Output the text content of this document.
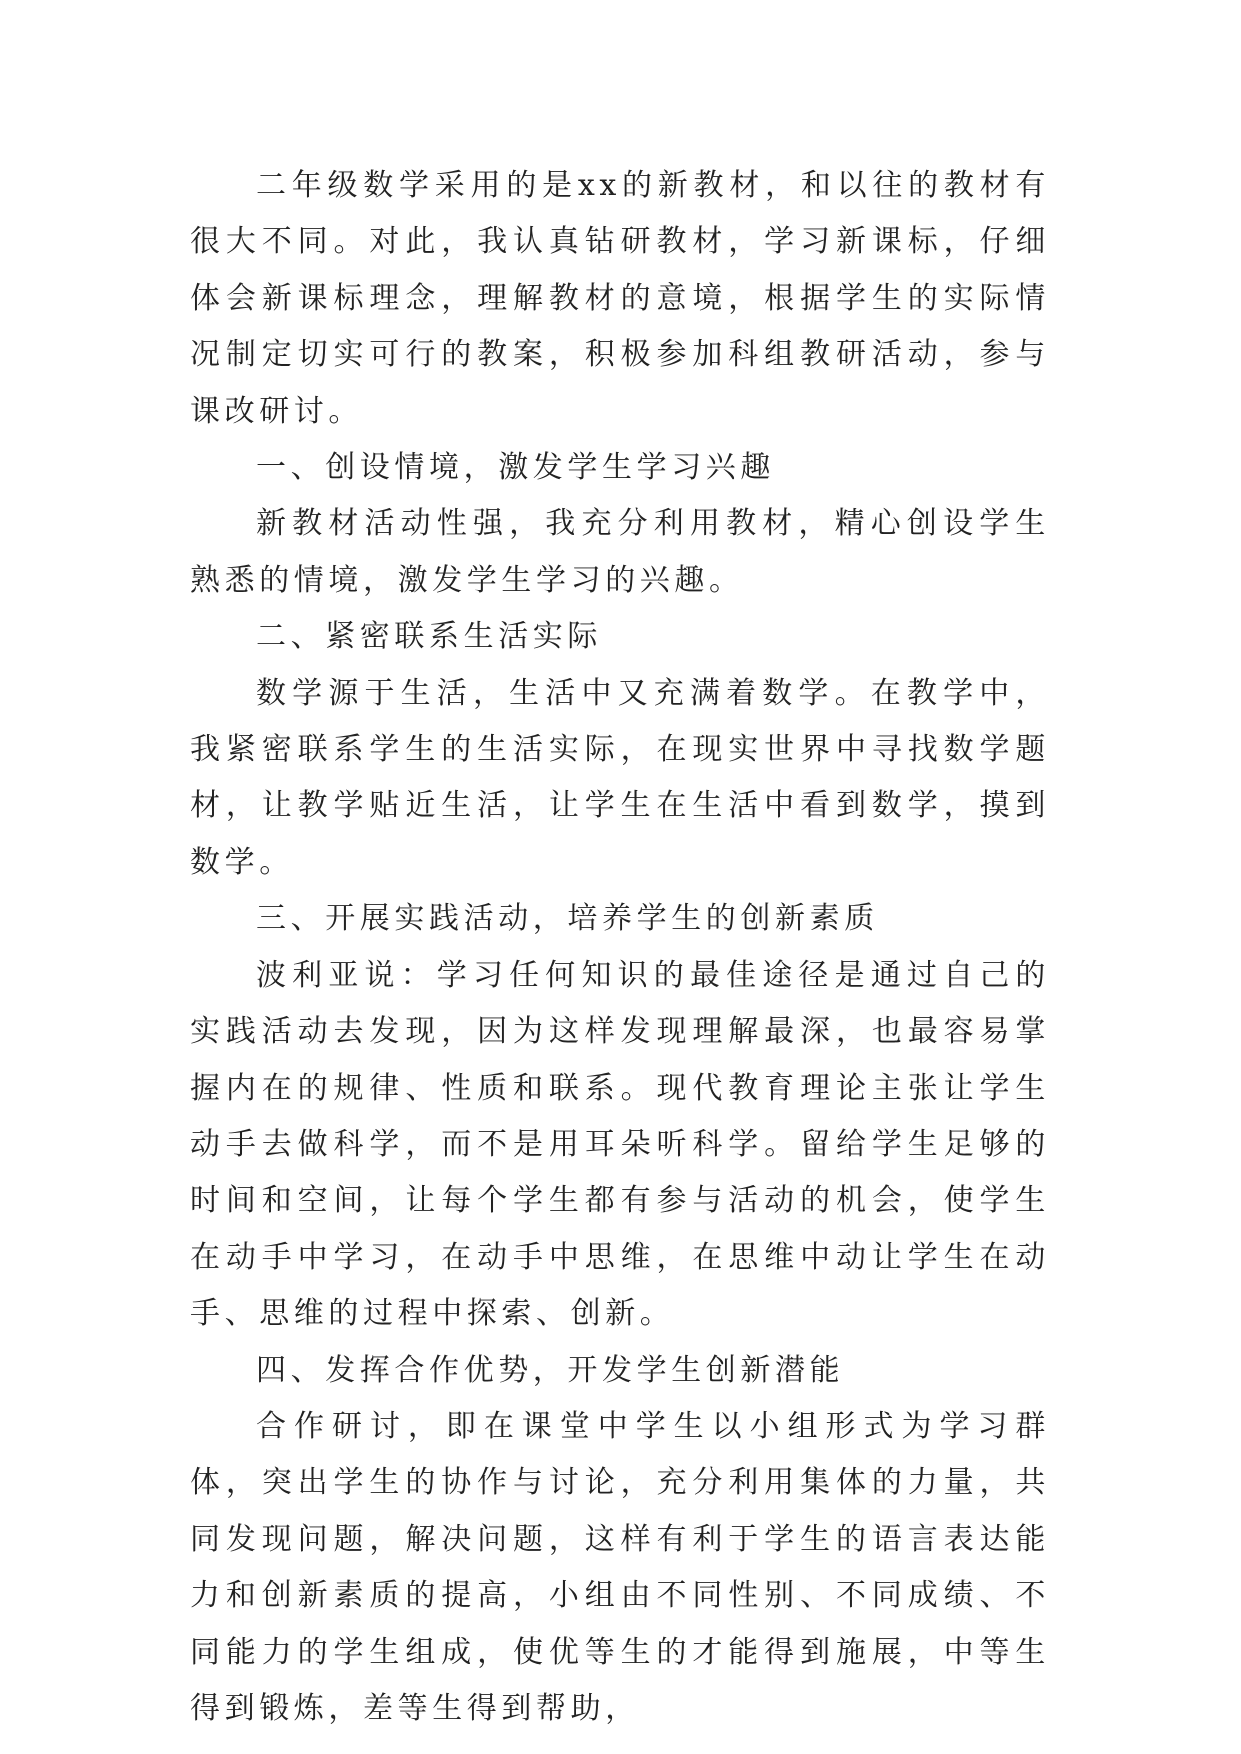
二年级数学采用的是xx的新教材，和以往的教材有很大不同。对此，我认真钻研教材，学习新课标，仔细体会新课标理念，理解教材的意境，根据学生的实际情况制定切实可行的教案，积极参加科组教研活动，参与课改研讨。

一、创设情境，激发学生学习兴趣

新教材活动性强，我充分利用教材，精心创设学生熟悉的情境，激发学生学习的兴趣。

二、紧密联系生活实际

数学源于生活，生活中又充满着数学。在教学中，我紧密联系学生的生活实际，在现实世界中寻找数学题材，让教学贴近生活，让学生在生活中看到数学，摸到数学。

三、开展实践活动，培养学生的创新素质

波利亚说：学习任何知识的最佳途径是通过自己的实践活动去发现，因为这样发现理解最深，也最容易掌握内在的规律、性质和联系。现代教育理论主张让学生动手去做科学，而不是用耳朵听科学。留给学生足够的时间和空间，让每个学生都有参与活动的机会，使学生在动手中学习，在动手中思维，在思维中动让学生在动手、思维的过程中探索、创新。

四、发挥合作优势，开发学生创新潜能

合作研讨，即在课堂中学生以小组形式为学习群体，突出学生的协作与讨论，充分利用集体的力量，共同发现问题，解决问题，这样有利于学生的语言表达能力和创新素质的提高，小组由不同性别、不同成绩、不同能力的学生组成，使优等生的才能得到施展，中等生得到锻炼，差等生得到帮助，
